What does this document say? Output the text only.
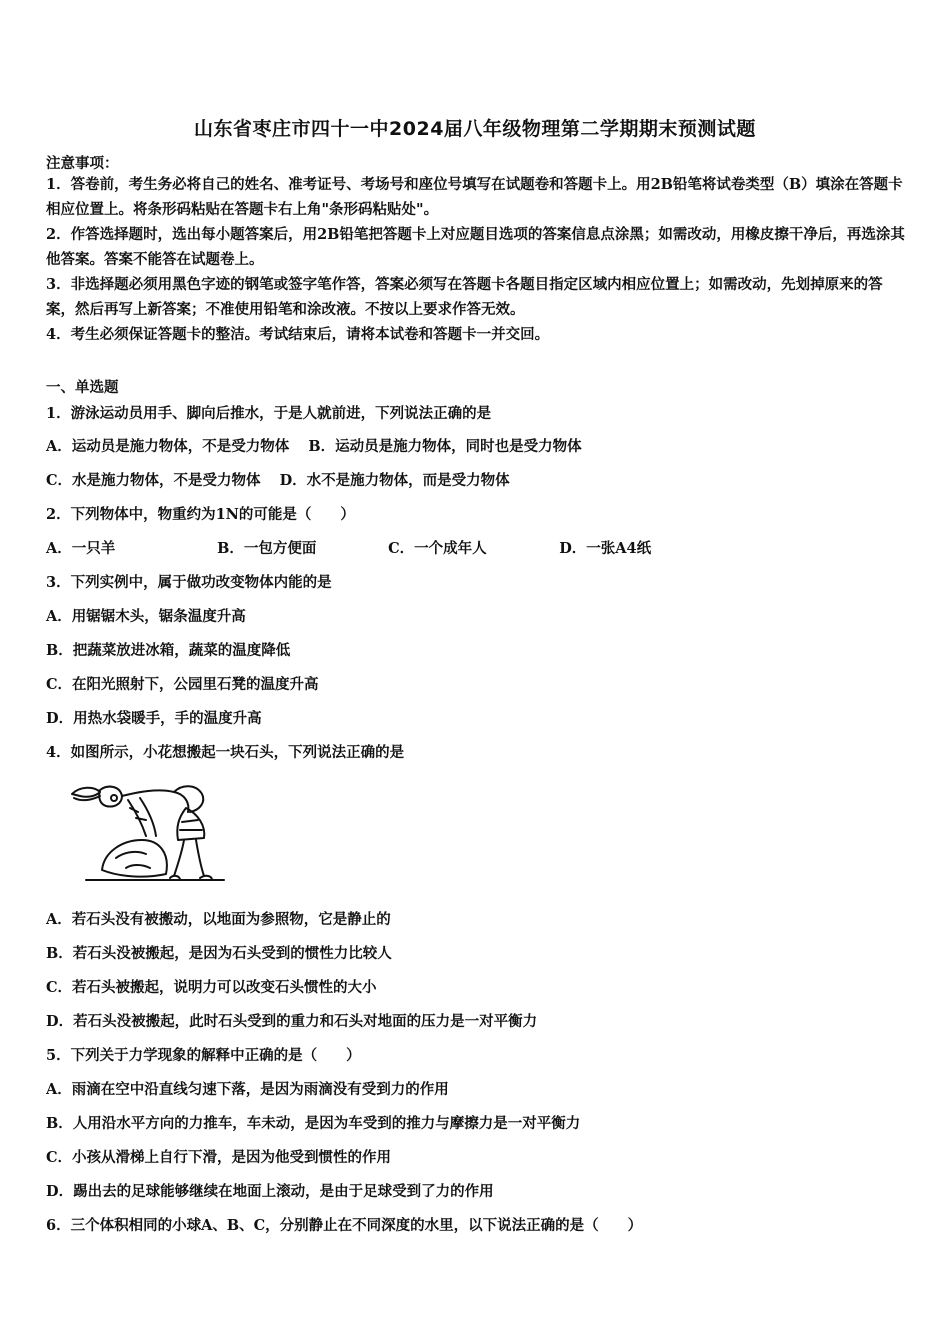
山东省枣庄市四十一中2024届八年级物理第二学期期末预测试题
注意事项：

1．答卷前，考生务必将自己的姓名、准考证号、考场号和座位号填写在试题卷和答题卡上。用2B铅笔将试卷类型（B）填涂在答题卡相应位置上。将条形码粘贴在答题卡右上角"条形码粘贴处"。

2．作答选择题时，选出每小题答案后，用2B铅笔把答题卡上对应题目选项的答案信息点涂黑；如需改动，用橡皮擦干净后，再选涂其他答案。答案不能答在试题卷上。

3．非选择题必须用黑色字迹的钢笔或签字笔作答，答案必须写在答题卡各题目指定区域内相应位置上；如需改动，先划掉原来的答案，然后再写上新答案；不准使用铅笔和涂改液。不按以上要求作答无效。

4．考生必须保证答题卡的整洁。考试结束后，请将本试卷和答题卡一并交回。

一、单选题
1．游泳运动员用手、脚向后推水，于是人就前进，下列说法正确的是
A．运动员是施力物体，不是受力物体 B．运动员是施力物体，同时也是受力物体
C．水是施力物体，不是受力物体 D．水不是施力物体，而是受力物体
2．下列物体中，物重约为1N的可能是（　　）
A．一只羊	B．一包方便面	C．一个成年人	D．一张A4纸
3．下列实例中，属于做功改变物体内能的是
A．用锯锯木头，锯条温度升高
B．把蔬菜放进冰箱，蔬菜的温度降低
C．在阳光照射下，公园里石凳的温度升高
D．用热水袋暖手，手的温度升高
4．如图所示，小花想搬起一块石头，下列说法正确的是
A．若石头没有被搬动，以地面为参照物，它是静止的
B．若石头没被搬起，是因为石头受到的惯性力比较人
C．若石头被搬起，说明力可以改变石头惯性的大小
D．若石头没被搬起，此时石头受到的重力和石头对地面的压力是一对平衡力
5．下列关于力学现象的解释中正确的是（　　）
A．雨滴在空中沿直线匀速下落，是因为雨滴没有受到力的作用
B．人用沿水平方向的力推车，车未动，是因为车受到的推力与摩擦力是一对平衡力
C．小孩从滑梯上自行下滑，是因为他受到惯性的作用
D．踢出去的足球能够继续在地面上滚动，是由于足球受到了力的作用
6．三个体积相同的小球A、B、C，分别静止在不同深度的水里，以下说法正确的是（　　）
